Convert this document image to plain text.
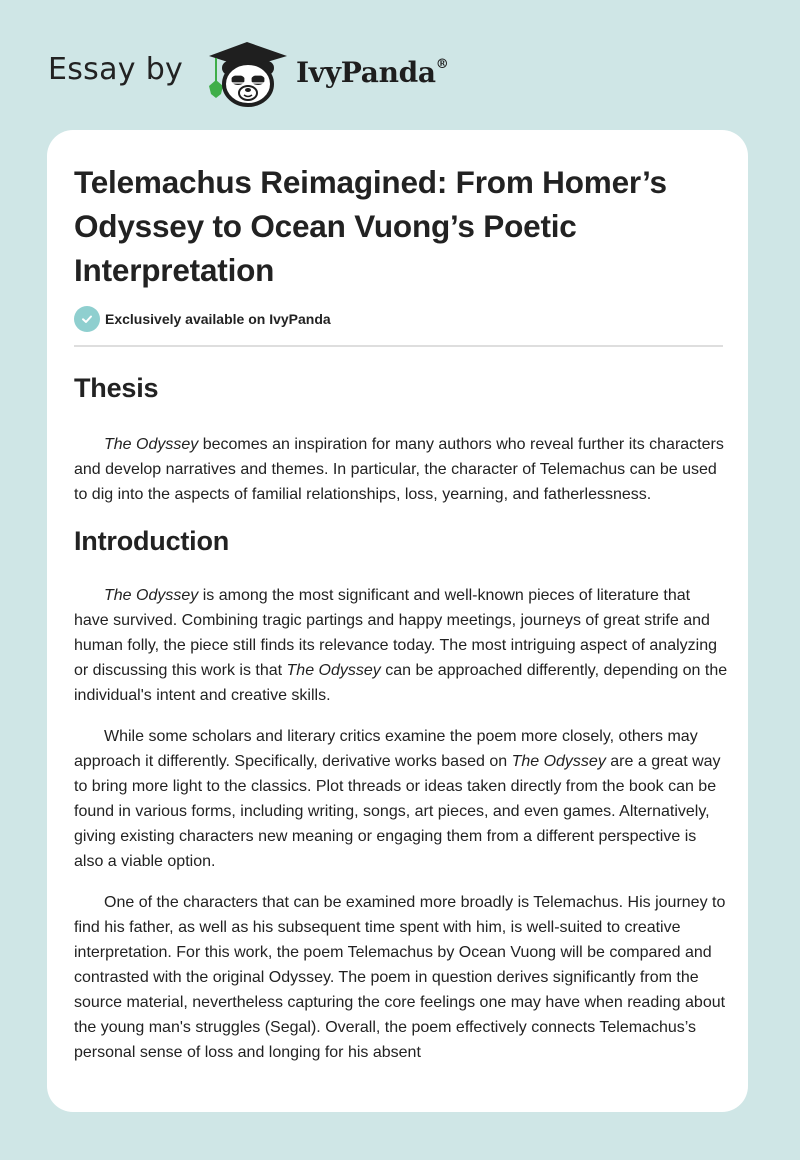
Essay by	IvyPanda®
Telemachus Reimagined: From Homer’s Odyssey to Ocean Vuong’s Poetic Interpretation
Exclusively available on IvyPanda
Thesis

The Odyssey becomes an inspiration for many authors who reveal further its characters and develop narratives and themes. In particular, the character of Telemachus can be used to dig into the aspects of familial relationships, loss, yearning, and fatherlessness.

Introduction

The Odyssey is among the most significant and well-known pieces of literature that have survived. Combining tragic partings and happy meetings, journeys of great strife and human folly, the piece still finds its relevance today. The most intriguing aspect of analyzing or discussing this work is that The Odyssey can be approached differently, depending on the individual's intent and creative skills.

While some scholars and literary critics examine the poem more closely, others may approach it differently. Specifically, derivative works based on The Odyssey are a great way to bring more light to the classics. Plot threads or ideas taken directly from the book can be found in various forms, including writing, songs, art pieces, and even games. Alternatively, giving existing characters new meaning or engaging them from a different perspective is also a viable option.

One of the characters that can be examined more broadly is Telemachus. His journey to find his father, as well as his subsequent time spent with him, is well-suited to creative interpretation. For this work, the poem Telemachus by Ocean Vuong will be compared and contrasted with the original Odyssey. The poem in question derives significantly from the source material, nevertheless capturing the core feelings one may have when reading about the young man's struggles (Segal). Overall, the poem effectively connects Telemachus’s personal sense of loss and longing for his absent
